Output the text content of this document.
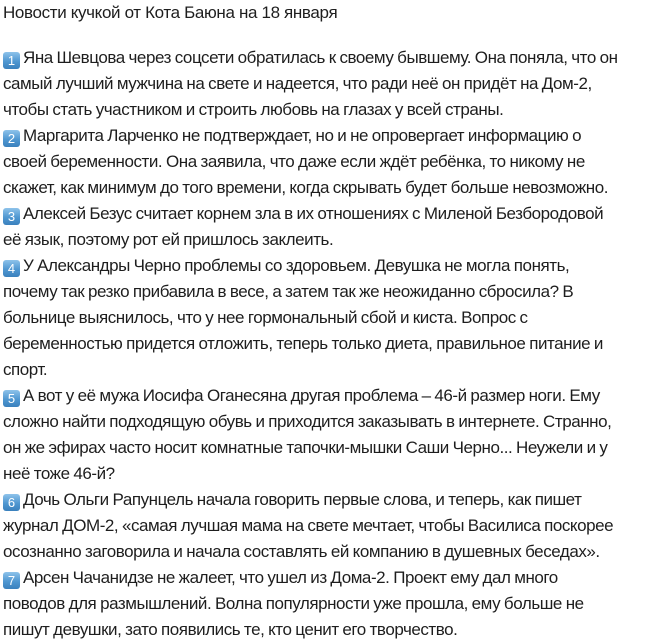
Новости кучкой от Кота Баюна на 18 января
1 Яна Шевцова через соцсети обратилась к своему бывшему. Она поняла, что он
самый лучший мужчина на свете и надеется, что ради неё он придёт на Дом-2,
чтобы стать участником и строить любовь на глазах у всей страны.
2 Маргарита Ларченко не подтверждает, но и не опровергает информацию о
своей беременности. Она заявила, что даже если ждёт ребёнка, то никому не
скажет, как минимум до того времени, когда скрывать будет больше невозможно.
3 Алексей Безус считает корнем зла в их отношениях с Миленой Безбородовой
её язык, поэтому рот ей пришлось заклеить.
4 У Александры Черно проблемы со здоровьем. Девушка не могла понять,
почему так резко прибавила в весе, а затем так же неожиданно сбросила? В
больнице выяснилось, что у нее гормональный сбой и киста. Вопрос с
беременностью придется отложить, теперь только диета, правильное питание и
спорт.
5 А вот у её мужа Иосифа Оганесяна другая проблема – 46-й размер ноги. Ему
сложно найти подходящую обувь и приходится заказывать в интернете. Странно,
он же эфирах часто носит комнатные тапочки-мышки Саши Черно... Неужели и у
неё тоже 46-й?
6 Дочь Ольги Рапунцель начала говорить первые слова, и теперь, как пишет
журнал ДОМ-2, «самая лучшая мама на свете мечтает, чтобы Василиса поскорее
осознанно заговорила и начала составлять ей компанию в душевных беседах».
7 Арсен Чачанидзе не жалеет, что ушел из Дома-2. Проект ему дал много
поводов для размышлений. Волна популярности уже прошла, ему больше не
пишут девушки, зато появились те, кто ценит его творчество.
